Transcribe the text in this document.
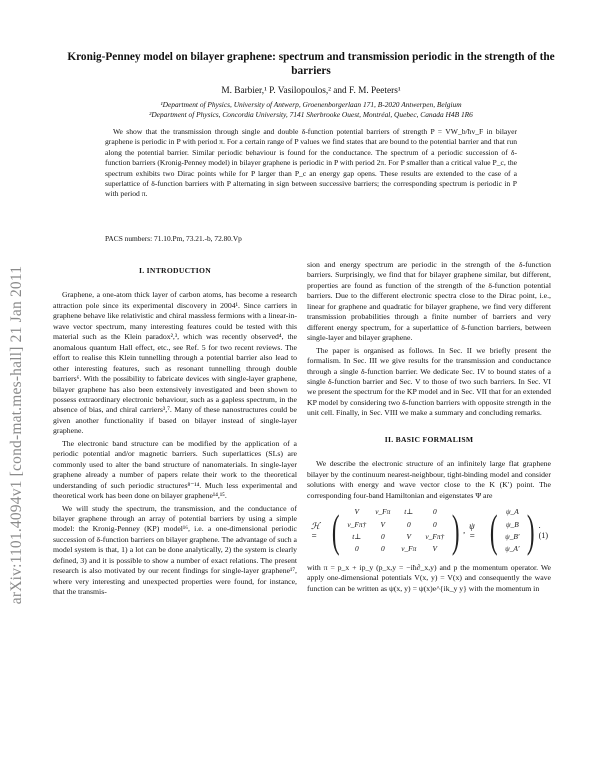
arXiv:1101.4094v1 [cond-mat.mes-hall] 21 Jan 2011
Kronig-Penney model on bilayer graphene: spectrum and transmission periodic in the strength of the barriers
M. Barbier,¹ P. Vasilopoulos,² and F. M. Peeters¹
¹Department of Physics, University of Antwerp, Groenenborgerlaan 171, B-2020 Antwerpen, Belgium
²Department of Physics, Concordia University, 7141 Sherbrooke Ouest, Montréal, Quebec, Canada H4B 1R6
We show that the transmission through single and double δ-function potential barriers of strength P = VW_b/ħv_F in bilayer graphene is periodic in P with period π. For a certain range of P values we find states that are bound to the potential barrier and that run along the potential barrier. Similar periodic behaviour is found for the conductance. The spectrum of a periodic succession of δ-function barriers (Kronig-Penney model) in bilayer graphene is periodic in P with period 2π. For P smaller than a critical value P_c, the spectrum exhibits two Dirac points while for P larger than P_c an energy gap opens. These results are extended to the case of a superlattice of δ-function barriers with P alternating in sign between successive barriers; the corresponding spectrum is periodic in P with period π.
PACS numbers: 71.10.Pm, 73.21.-b, 72.80.Vp
I. INTRODUCTION

Graphene, a one-atom thick layer of carbon atoms, has become a research attraction pole since its experimental discovery in 2004¹. Since carriers in graphene behave like relativistic and chiral massless fermions with a linear-in-wave vector spectrum, many interesting features could be tested with this material such as the Klein paradox²,³, which was recently observed⁴, the anomalous quantum Hall effect, etc., see Ref. 5 for two recent reviews. The effort to realise this Klein tunnelling through a potential barrier also lead to other interesting features, such as resonant tunnelling through double barriers⁶. With the possibility to fabricate devices with single-layer graphene, bilayer graphene has also been extensively investigated and been shown to possess extraordinary electronic behaviour, such as a gapless spectrum, in the absence of bias, and chiral carriers³,⁷. Many of these nanostructures could be given another functionality if based on bilayer instead of single-layer graphene.

The electronic band structure can be modified by the application of a periodic potential and/or magnetic barriers. Such superlattices (SLs) are commonly used to alter the band structure of nanomaterials. In single-layer graphene already a number of papers relate their work to the theoretical understanding of such periodic structures⁸⁻¹⁴. Much less experimental and theoretical work has been done on bilayer graphene¹⁴,¹⁵.

We will study the spectrum, the transmission, and the conductance of bilayer graphene through an array of potential barriers by using a simple model: the Kronig-Penney (KP) model¹⁶, i.e. a one-dimensional periodic succession of δ-function barriers on bilayer graphene. The advantage of such a model system is that, 1) a lot can be done analytically, 2) the system is clearly defined, 3) and it is possible to show a number of exact relations. The present research is also motivated by our recent findings for single-layer graphene¹⁷, where very interesting and unexpected properties were found, for instance, that the transmis-

sion and energy spectrum are periodic in the strength of the δ-function barriers. Surprisingly, we find that for bilayer graphene similar, but different, properties are found as function of the strength of the δ-function potential barriers. Due to the different electronic spectra close to the Dirac point, i.e., linear for graphene and quadratic for bilayer graphene, we find very different transmission probabilities through a finite number of barriers and very different energy spectrum, for a superlattice of δ-function barriers, between single-layer and bilayer graphene.

The paper is organised as follows. In Sec. II we briefly present the formalism. In Sec. III we give results for the transmission and conductance through a single δ-function barrier. We dedicate Sec. IV to bound states of a single δ-function barrier and Sec. V to those of two such barriers. In Sec. VI we present the spectrum for the KP model and in Sec. VII that for an extended KP model by considering two δ-function barriers with opposite strength in the unit cell. Finally, in Sec. VIII we make a summary and concluding remarks.

II. BASIC FORMALISM

We describe the electronic structure of an infinitely large flat graphene bilayer by the continuum nearest-neighbour, tight-binding model and consider solutions with energy and wave vector close to the K (K′) point. The corresponding four-band Hamiltonian and eigenstates Ψ are

ℋ = (	V	v_Fπ	t⊥	0
v_Fπ†	V	0	0
t⊥	0	V	v_Fπ†
0	0	v_Fπ	V ) , ψ = (	ψ_A
ψ_B
ψ_B′
ψ_A′ ) . (1)

with π = p_x + ip_y (p_x,y = −iħ∂_x,y) and p the momentum operator. We apply one-dimensional potentials V(x, y) = V(x) and consequently the wave function can be written as ψ(x, y) = ψ(x)e^{ik_y y} with the momentum in
